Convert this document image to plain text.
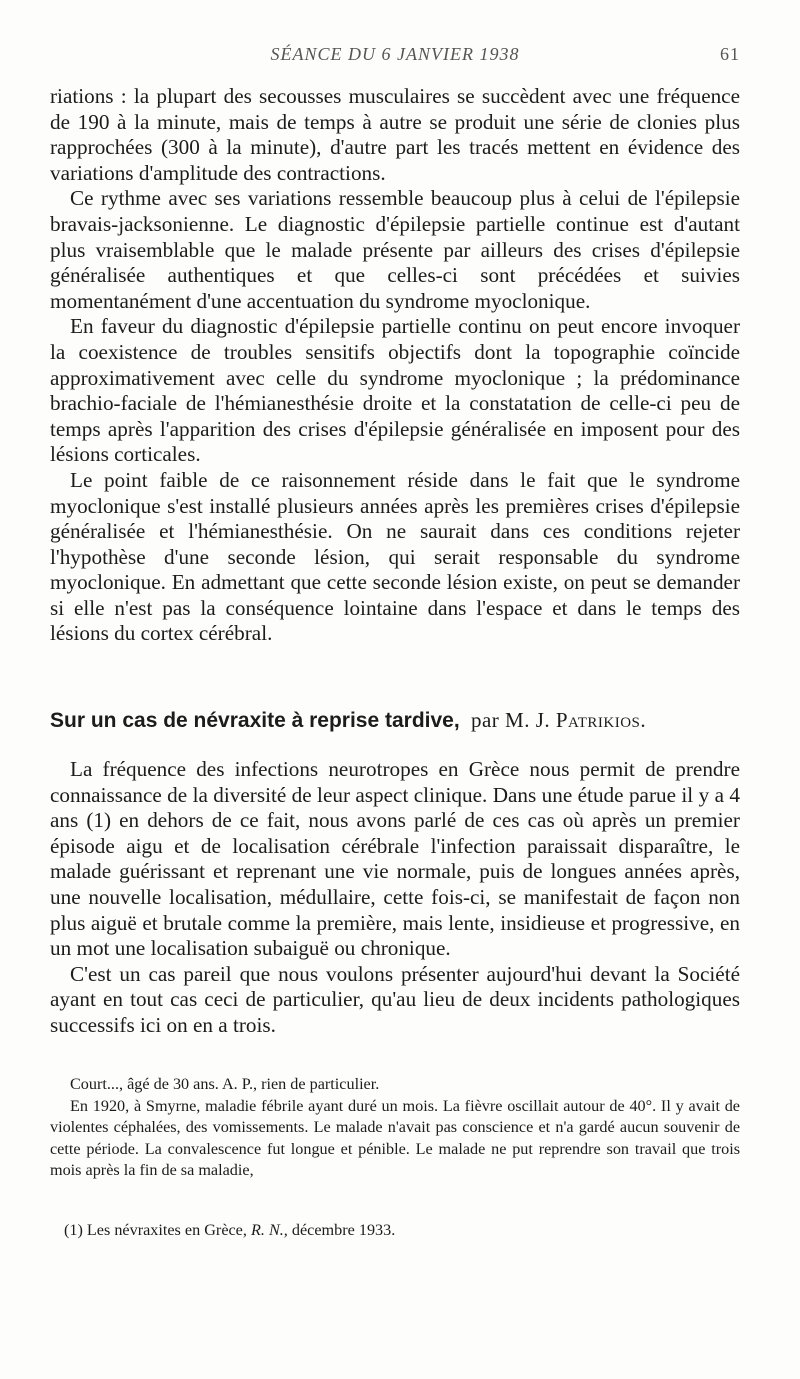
SÉANCE DU 6 JANVIER 1938	61

riations : la plupart des secousses musculaires se succèdent avec une fréquence de 190 à la minute, mais de temps à autre se produit une série de clonies plus rapprochées (300 à la minute), d'autre part les tracés mettent en évidence des variations d'amplitude des contractions.

Ce rythme avec ses variations ressemble beaucoup plus à celui de l'épilepsie bravais-jacksonienne. Le diagnostic d'épilepsie partielle continue est d'autant plus vraisemblable que le malade présente par ailleurs des crises d'épilepsie généralisée authentiques et que celles-ci sont précédées et suivies momentanément d'une accentuation du syndrome myoclonique.

En faveur du diagnostic d'épilepsie partielle continu on peut encore invoquer la coexistence de troubles sensitifs objectifs dont la topographie coïncide approximativement avec celle du syndrome myoclonique ; la prédominance brachio-faciale de l'hémianesthésie droite et la constatation de celle-ci peu de temps après l'apparition des crises d'épilepsie généralisée en imposent pour des lésions corticales.

Le point faible de ce raisonnement réside dans le fait que le syndrome myoclonique s'est installé plusieurs années après les premières crises d'épilepsie généralisée et l'hémianesthésie. On ne saurait dans ces conditions rejeter l'hypothèse d'une seconde lésion, qui serait responsable du syndrome myoclonique. En admettant que cette seconde lésion existe, on peut se demander si elle n'est pas la conséquence lointaine dans l'espace et dans le temps des lésions du cortex cérébral.

Sur un cas de névraxite à reprise tardive, par M. J. Patrikios.

La fréquence des infections neurotropes en Grèce nous permit de prendre connaissance de la diversité de leur aspect clinique. Dans une étude parue il y a 4 ans (1) en dehors de ce fait, nous avons parlé de ces cas où après un premier épisode aigu et de localisation cérébrale l'infection paraissait disparaître, le malade guérissant et reprenant une vie normale, puis de longues années après, une nouvelle localisation, médullaire, cette fois-ci, se manifestait de façon non plus aiguë et brutale comme la première, mais lente, insidieuse et progressive, en un mot une localisation subaiguë ou chronique.

C'est un cas pareil que nous voulons présenter aujourd'hui devant la Société ayant en tout cas ceci de particulier, qu'au lieu de deux incidents pathologiques successifs ici on en a trois.

Court..., âgé de 30 ans. A. P., rien de particulier.

En 1920, à Smyrne, maladie fébrile ayant duré un mois. La fièvre oscillait autour de 40°. Il y avait de violentes céphalées, des vomissements. Le malade n'avait pas conscience et n'a gardé aucun souvenir de cette période. La convalescence fut longue et pénible. Le malade ne put reprendre son travail que trois mois après la fin de sa maladie,

(1) Les névraxites en Grèce, R. N., décembre 1933.
